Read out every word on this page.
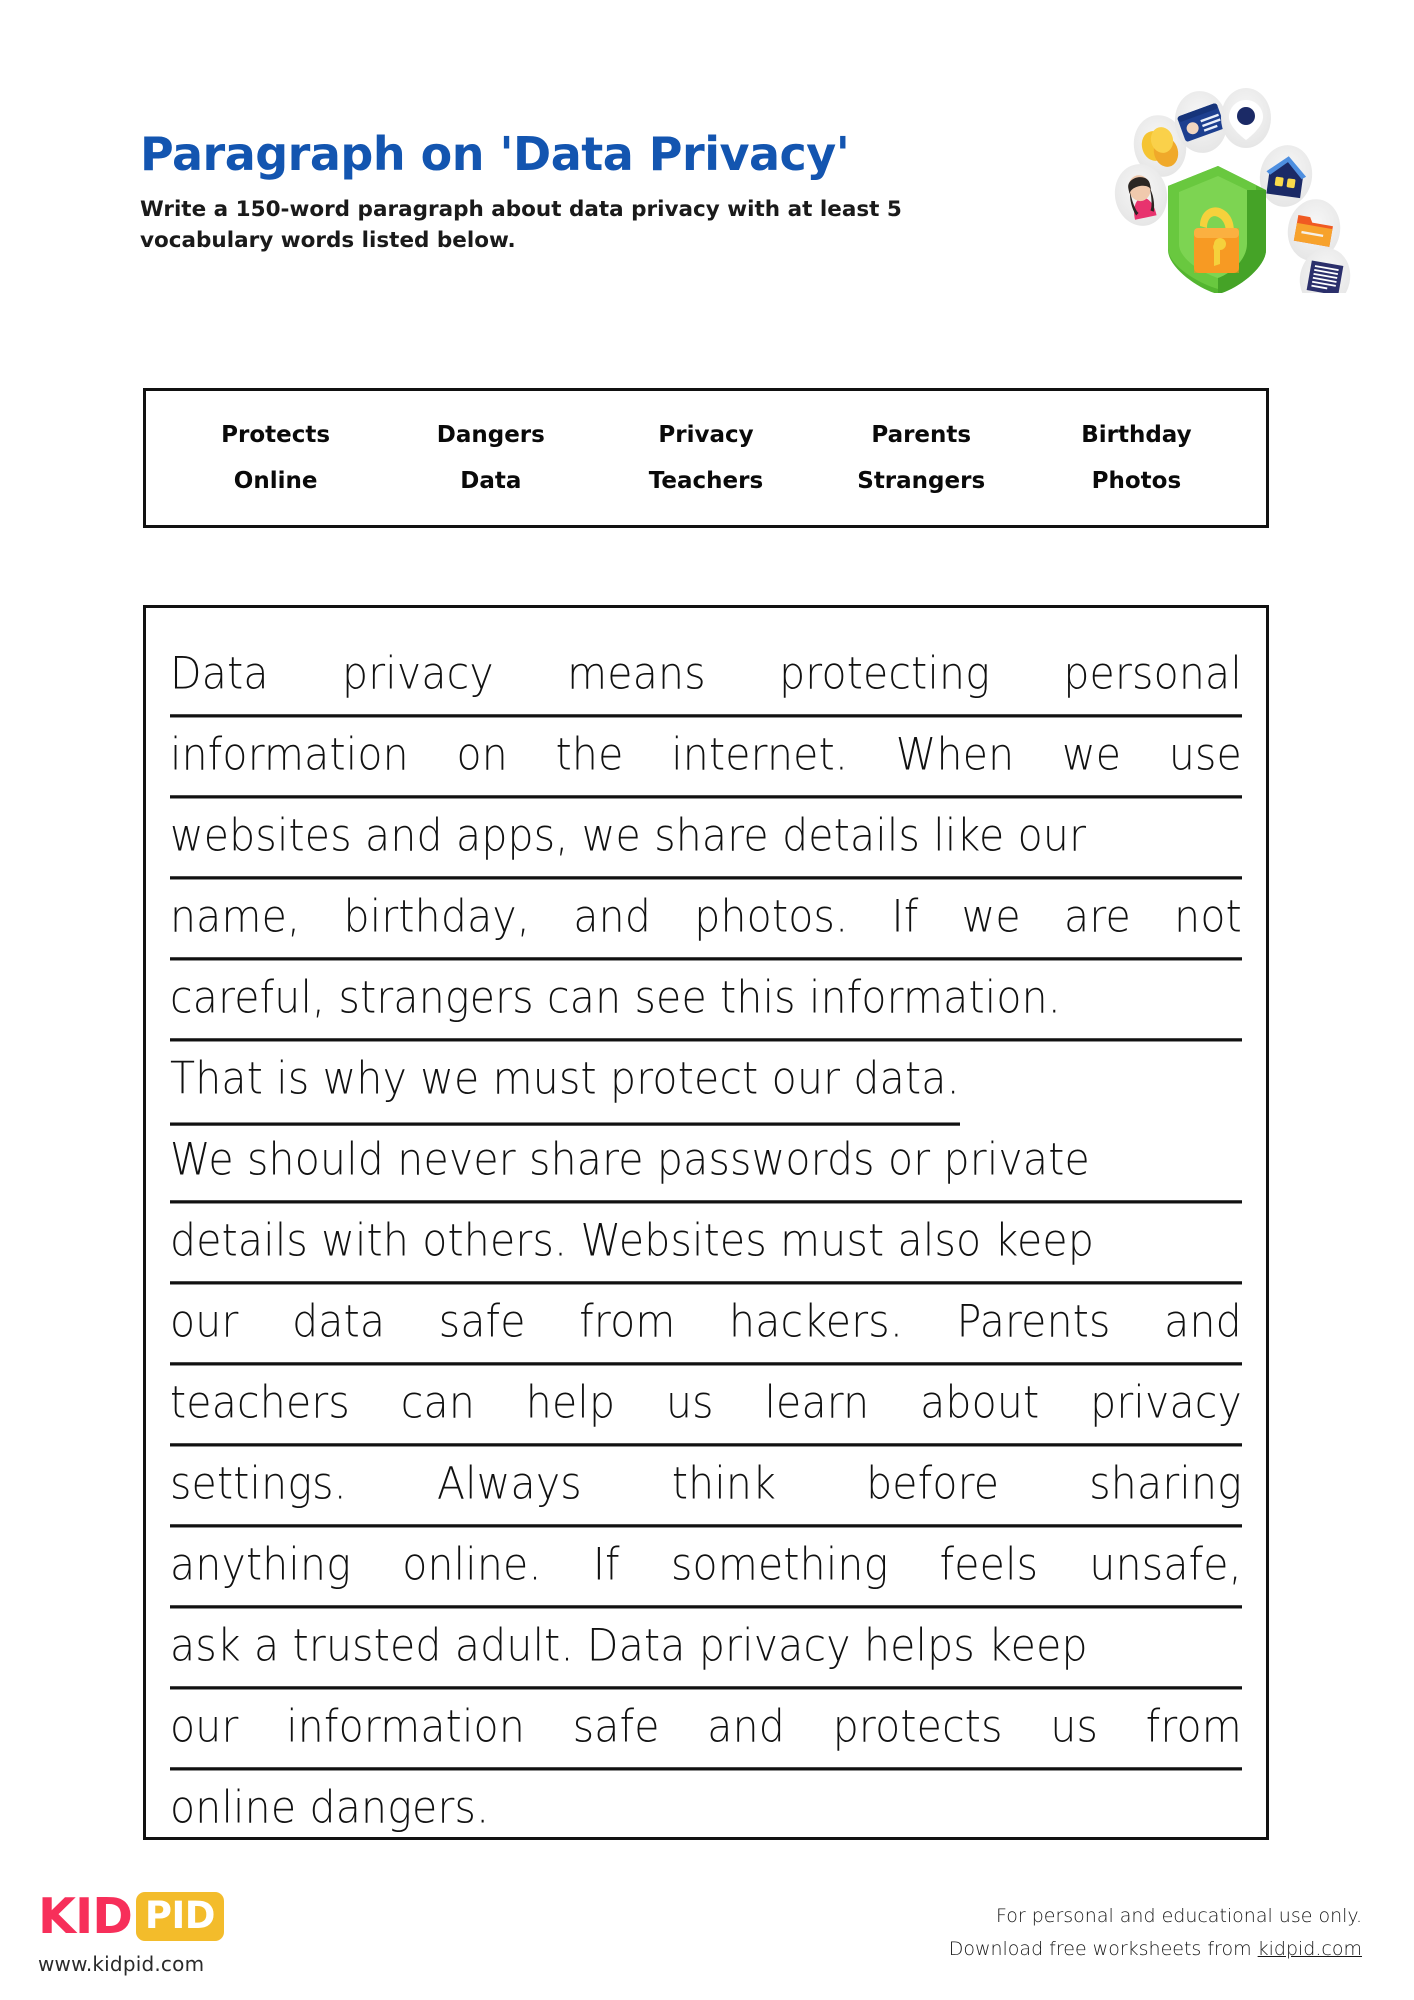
Paragraph on 'Data Privacy'

Write a 150-word paragraph about data privacy with at least 5 vocabulary words listed below.

Protects	Dangers	Privacy	Parents	Birthday
Online	Data	Teachers	Strangers	Photos
Data privacy means protecting personal
information on the internet. When we use
websites and apps, we share details like our
name, birthday, and photos. If we are not
careful, strangers can see this information.
That is why we must protect our data.
We should never share passwords or private
details with others. Websites must also keep
our data safe from hackers. Parents and
teachers can help us learn about privacy
settings. Always think before sharing
anything online. If something feels unsafe,
ask a trusted adult. Data privacy helps keep
our information safe and protects us from
online dangers.
KID PID
www.kidpid.com
For personal and educational use only.
Download free worksheets from kidpid.com
